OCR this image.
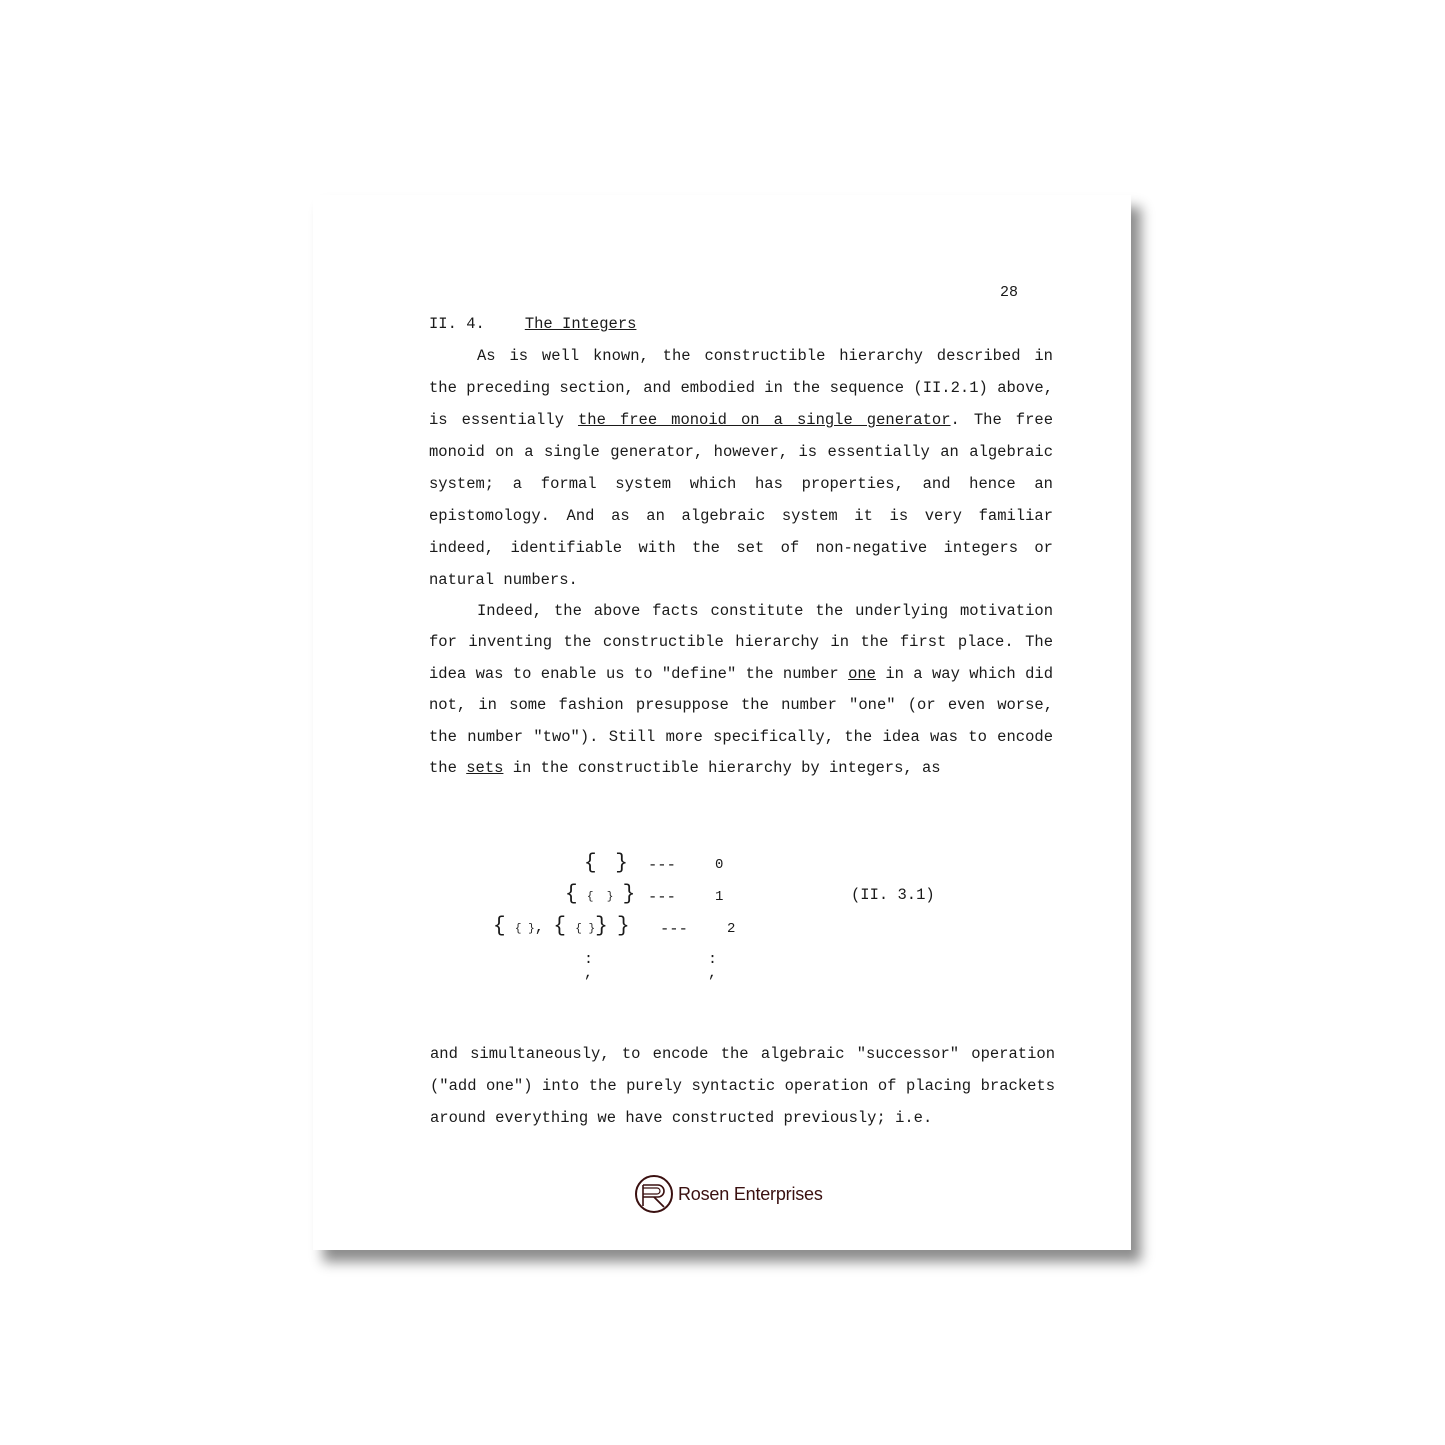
28
II. 4.	The Integers

As is well known, the constructible hierarchy described in the preceding section, and embodied in the sequence (II.2.1) above, is essentially the free monoid on a single generator. The free monoid on a single generator, however, is essentially an algebraic system; a formal system which has properties, and hence an epistomology. And as an algebraic system it is very familiar indeed, identifiable with the set of non-negative integers or natural numbers.

Indeed, the above facts constitute the underlying motivation for inventing the constructible hierarchy in the first place. The idea was to enable us to "define" the number one in a way which did not, in some fashion presuppose the number "one" (or even worse, the number "two"). Still more specifically, the idea was to encode the sets in the constructible hierarchy by integers, as

{ } ---	0
{ {  } } ---	1	(II. 3.1)
{ { }, { { }} } ---	2
:
,
:
,

and simultaneously, to encode the algebraic "successor" operation ("add one") into the purely syntactic operation of placing brackets around everything we have constructed previously; i.e.

Rosen Enterprises
